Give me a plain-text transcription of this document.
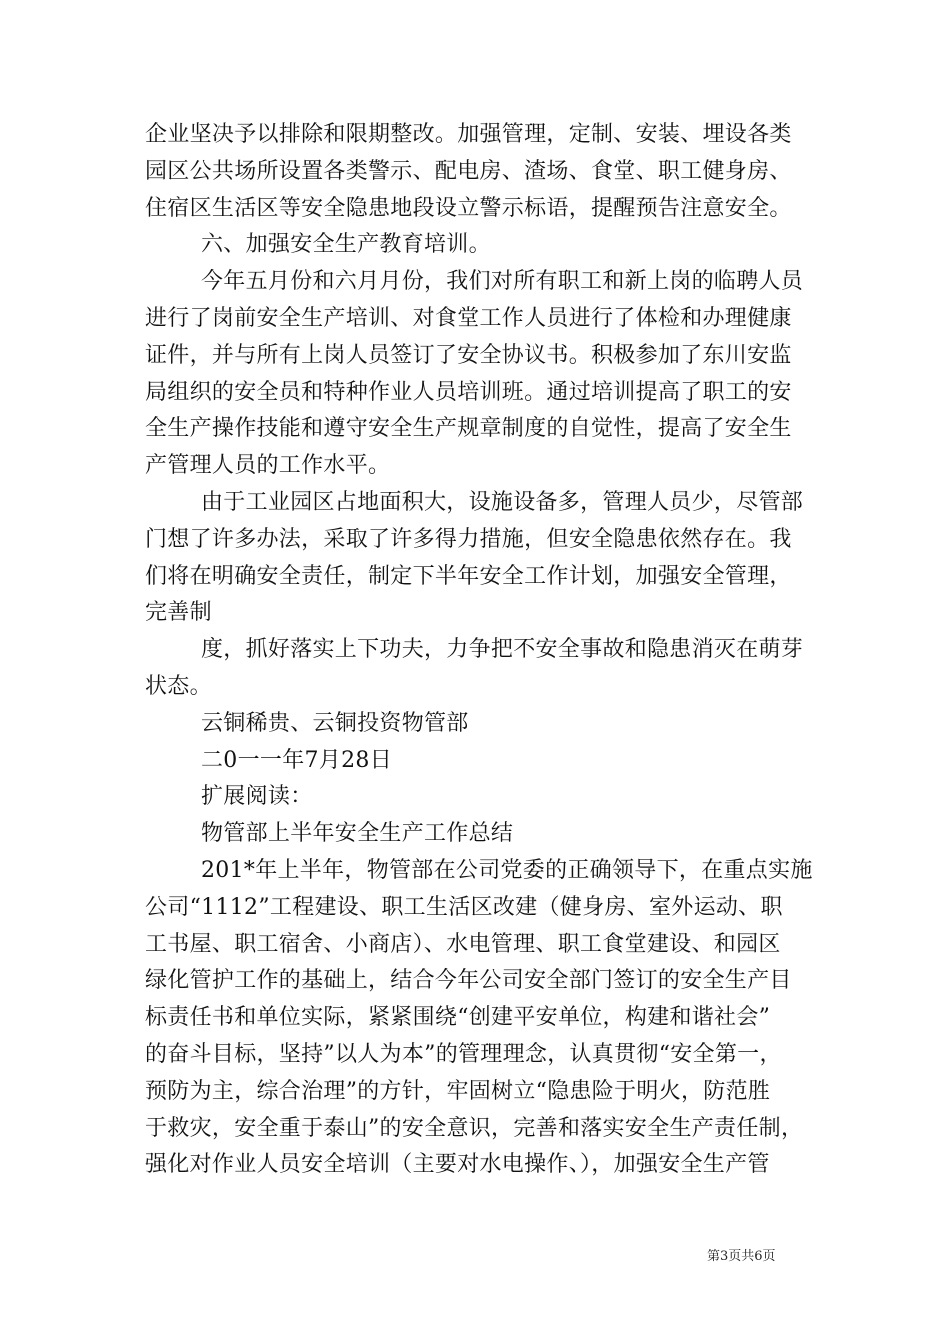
企业坚决予以排除和限期整改。加强管理，定制、安装、埋设各类
园区公共场所设置各类警示、配电房、渣场、食堂、职工健身房、
住宿区生活区等安全隐患地段设立警示标语，提醒预告注意安全。
六、加强安全生产教育培训。
今年五月份和六月月份，我们对所有职工和新上岗的临聘人员
进行了岗前安全生产培训、对食堂工作人员进行了体检和办理健康
证件，并与所有上岗人员签订了安全协议书。积极参加了东川安监
局组织的安全员和特种作业人员培训班。通过培训提高了职工的安
全生产操作技能和遵守安全生产规章制度的自觉性，提高了安全生
产管理人员的工作水平。
由于工业园区占地面积大，设施设备多，管理人员少，尽管部
门想了许多办法，采取了许多得力措施，但安全隐患依然存在。我
们将在明确安全责任，制定下半年安全工作计划，加强安全管理，
完善制
度，抓好落实上下功夫，力争把不安全事故和隐患消灭在萌芽
状态。
云铜稀贵、云铜投资物管部
二0一一年7月28日
扩展阅读：
物管部上半年安全生产工作总结
201*年上半年，物管部在公司党委的正确领导下，在重点实施
公司“1112”工程建设、职工生活区改建（健身房、室外运动、职
工书屋、职工宿舍、小商店）、水电管理、职工食堂建设、和园区
绿化管护工作的基础上，结合今年公司安全部门签订的安全生产目
标责任书和单位实际，紧紧围绕“创建平安单位，构建和谐社会”
的奋斗目标，坚持”以人为本”的管理理念，认真贯彻“安全第一，
预防为主，综合治理”的方针，牢固树立“隐患险于明火，防范胜
于救灾，安全重于泰山”的安全意识，完善和落实安全生产责任制，
强化对作业人员安全培训（主要对水电操作、），加强安全生产管
第3页共6页
